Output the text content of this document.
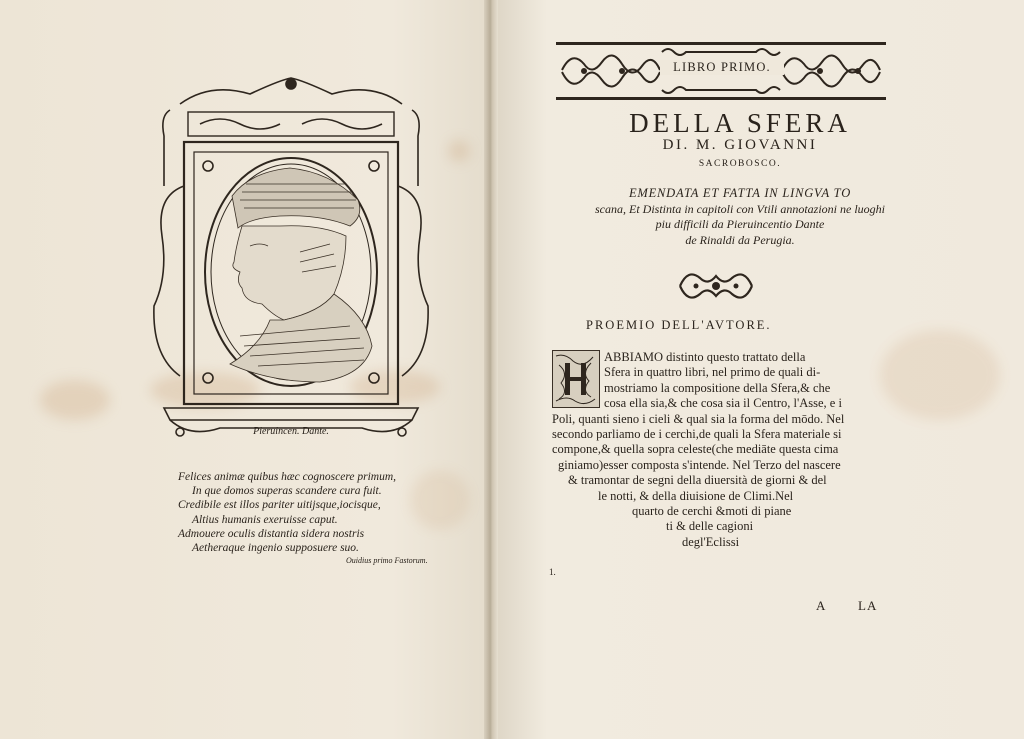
Pieruincen. Dante.
Felices animæ quibus hæc cognoscere primum,
In que domos superas scandere cura fuit.
Credibile est illos pariter uitijsque,iocisque,
Altius humanis exeruisse caput.
Admouere oculis distantia sidera nostris
Aetheraque ingenio supposuere suo.
Ouidius primo Fastorum.
LIBRO PRIMO.
DELLA SFERA
DI. M. GIOVANNI
SACROBOSCO.
EMENDATA ET FATTA IN LINGVA TO
scana, Et Distinta in capitoli con Vtili annotazioni ne luoghi
piu difficili da Pieruincentio Dante
de Rinaldi da Perugia.
PROEMIO DELL'AVTORE.
ABBIAMO distinto questo trattato della
Sfera in quattro libri, nel primo de quali di-
mostriamo la compositione della Sfera,& che
cosa ella sia,& che cosa sia il Centro, l'Asse, e i
Poli, quanti sieno i cieli & qual sia la forma del mōdo. Nel
secondo parliamo de i cerchi,de quali la Sfera materiale si
compone,& quella sopra celeste(che mediāte questa cima
giniamo)esser composta s'intende. Nel Terzo del nascere
& tramontar de segni della diuersità de giorni & del
le notti, & della diuisione de Climi.Nel
quarto de cerchi &moti di piane
ti & delle cagioni
degl'Eclissi
1.
A LA
